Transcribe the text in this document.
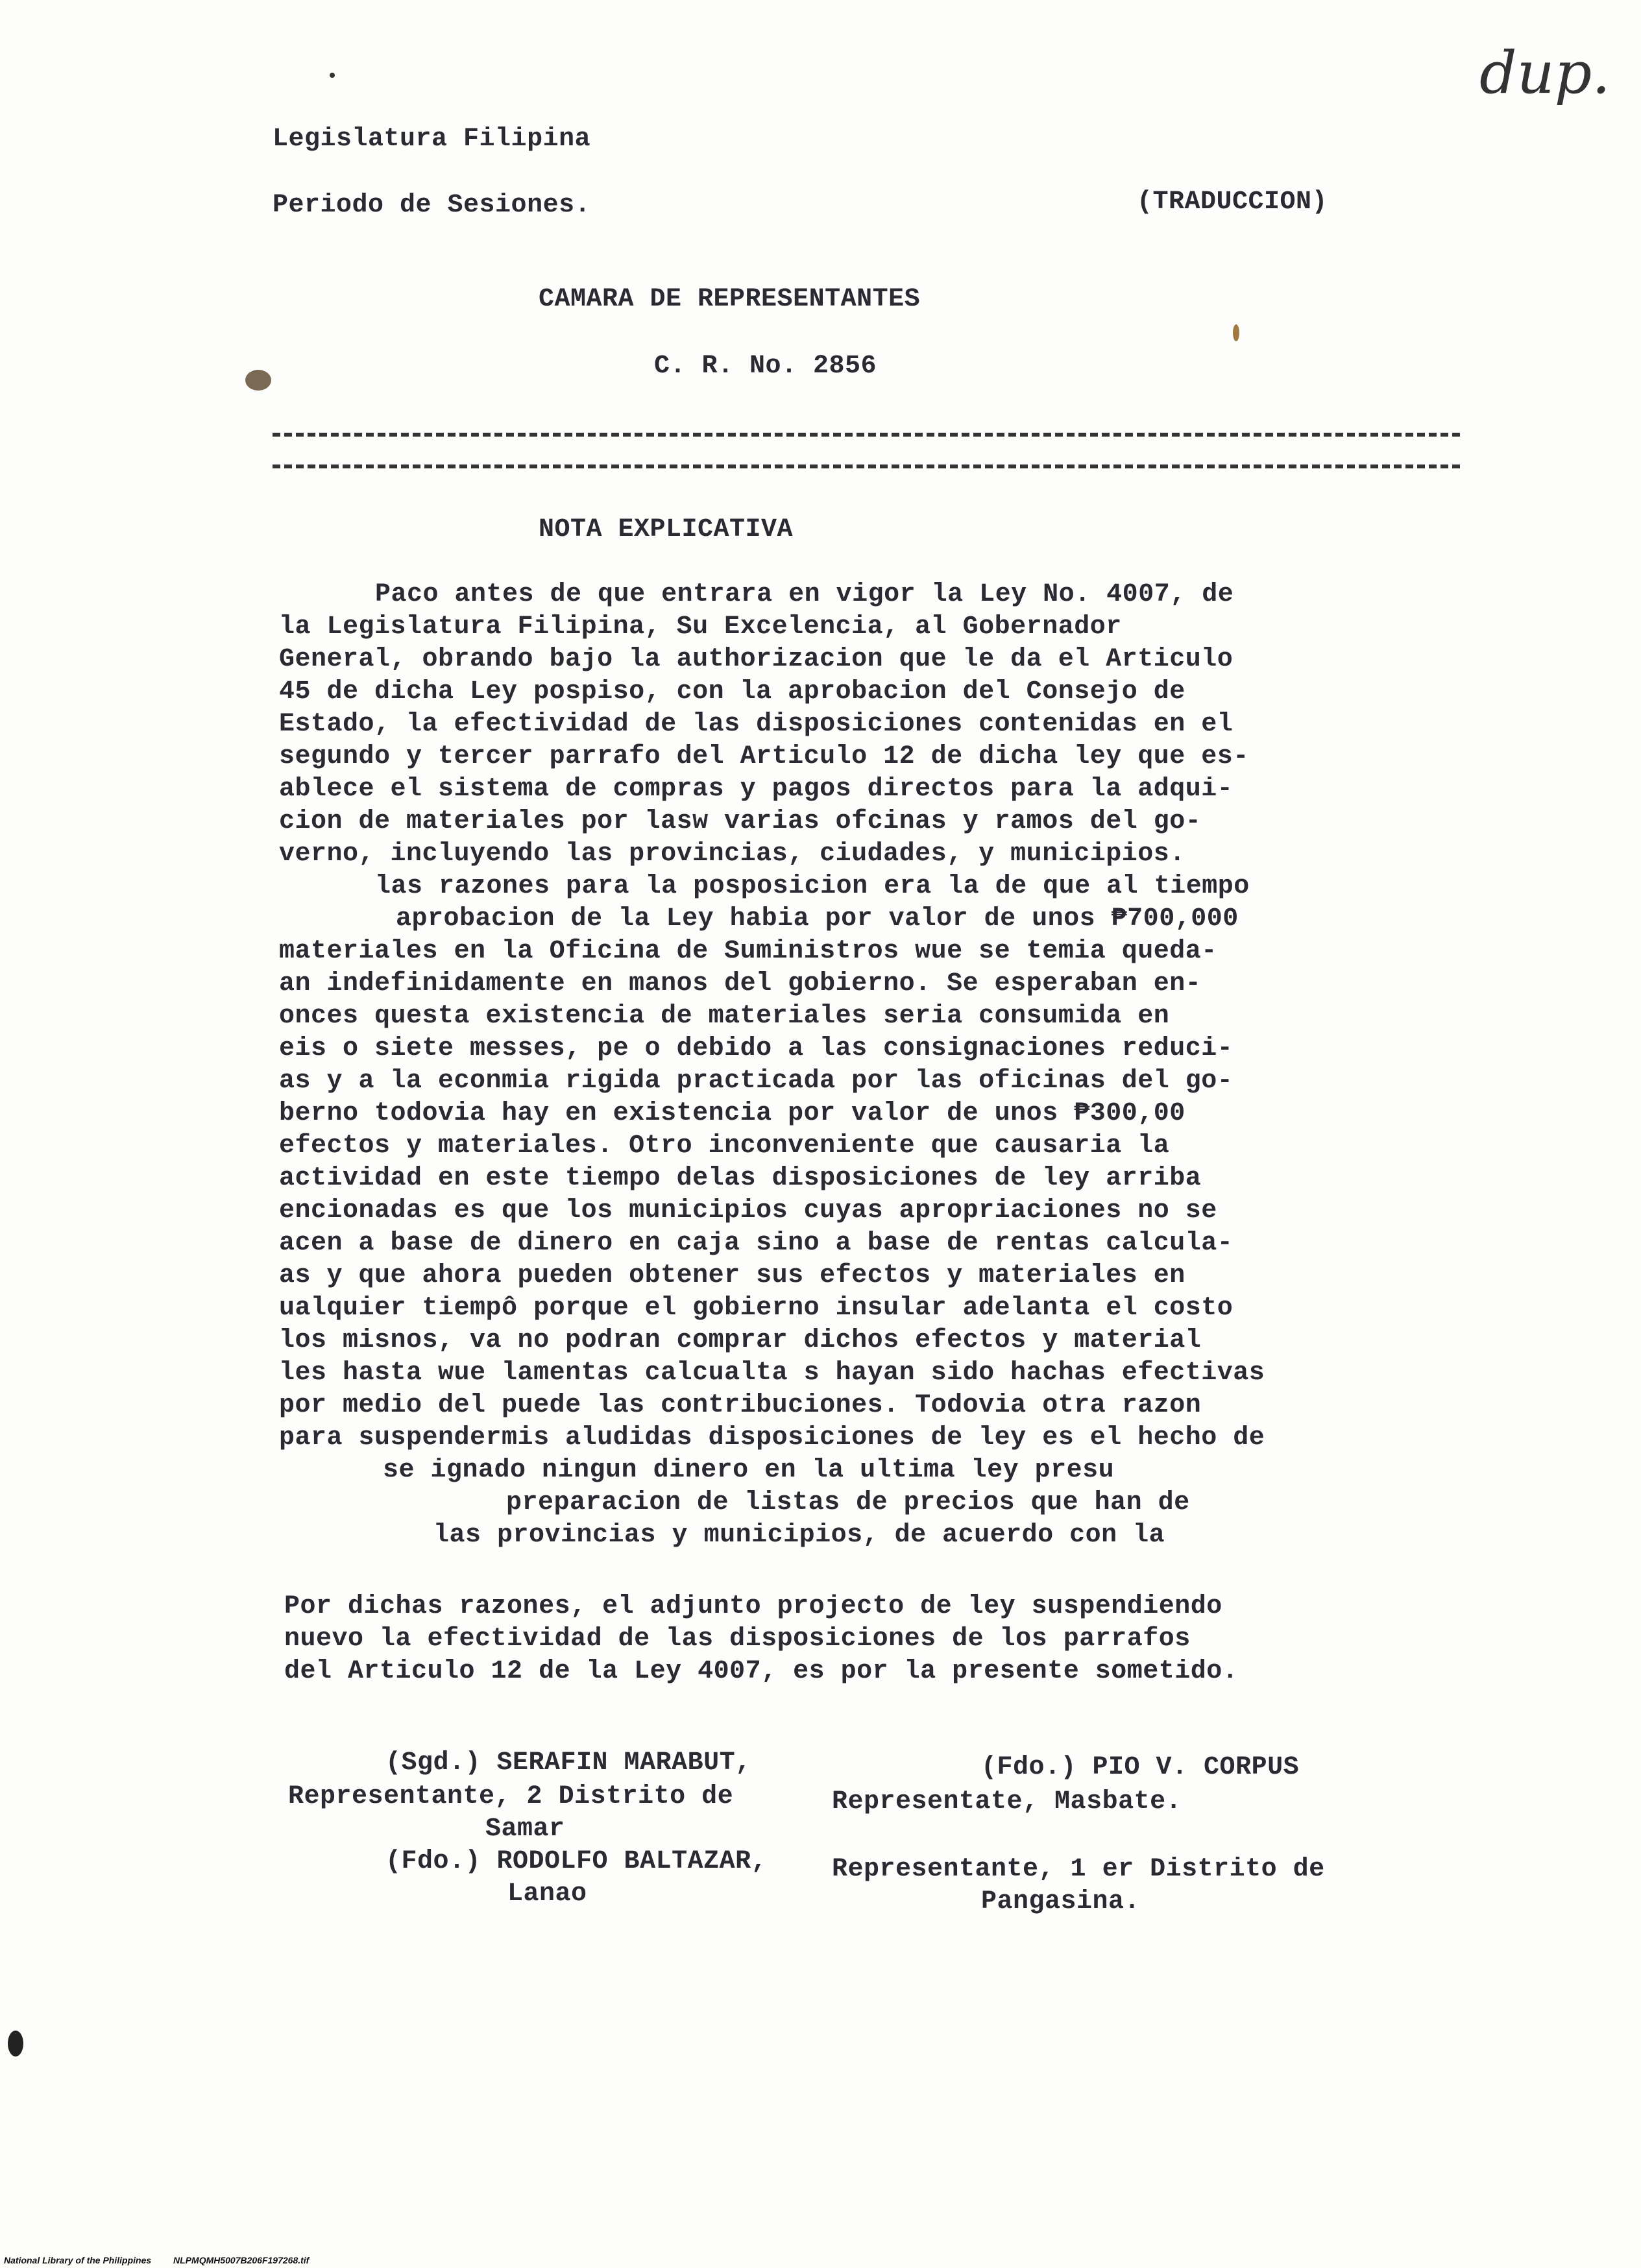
dup.
Legislatura Filipina
Periodo de Sesiones.	(TRADUCCION)
CAMARA DE REPRESENTANTES
C. R. No. 2856
NOTA EXPLICATIVA
Paco antes de que entrara en vigor la Ley No. 4007, de
la Legislatura Filipina, Su Excelencia, al Gobernador
General, obrando bajo la authorizacion que le da el Articulo
45 de dicha Ley pospiso, con la aprobacion del Consejo de
Estado, la efectividad de las disposiciones contenidas en el
segundo y tercer parrafo del Articulo 12 de dicha ley que es-
ablece el sistema de compras y pagos directos para la adqui-
cion de materiales por lasw varias ofcinas y ramos del go-
verno, incluyendo las provincias, ciudades, y municipios.
las razones para la posposicion era la de que al tiempo
aprobacion de la Ley habia por valor de unos ₱700,000
materiales en la Oficina de Suministros wue se temia queda-
an indefinidamente en manos del gobierno. Se esperaban en-
onces questa existencia de materiales seria consumida en
eis o siete messes, pe o debido a las consignaciones reduci-
as y a la econmia rigida practicada por las oficinas del go-
berno todovia hay en existencia por valor de unos ₱300,00
efectos y materiales. Otro inconveniente que causaria la
actividad en este tiempo delas disposiciones de ley arriba
encionadas es que los municipios cuyas apropriaciones no se
acen a base de dinero en caja sino a base de rentas calcula-
as y que ahora pueden obtener sus efectos y materiales en
ualquier tiempô porque el gobierno insular adelanta el costo
los misnos, va no podran comprar dichos efectos y material
les hasta wue lamentas calcualta s hayan sido hachas efectivas
por medio del puede las contribuciones. Todovia otra razon
para suspendermis aludidas disposiciones de ley es el hecho de
se ignado ningun dinero en la ultima ley presu
preparacion de listas de precios que han de
las provincias y municipios, de acuerdo con la
Por dichas razones, el adjunto projecto de ley suspendiendo
nuevo la efectividad de las disposiciones de los parrafos
del Articulo 12 de la Ley 4007, es por la presente sometido.
(Sgd.) SERAFIN MARABUT,
Representante, 2 Distrito de
Samar
(Fdo.) RODOLFO BALTAZAR,
Lanao
(Fdo.) PIO V. CORPUS
Representate, Masbate.
Representante, 1 er Distrito de
Pangasina.
National Library of the Philippines NLPMQMH5007B206F197268.tif
